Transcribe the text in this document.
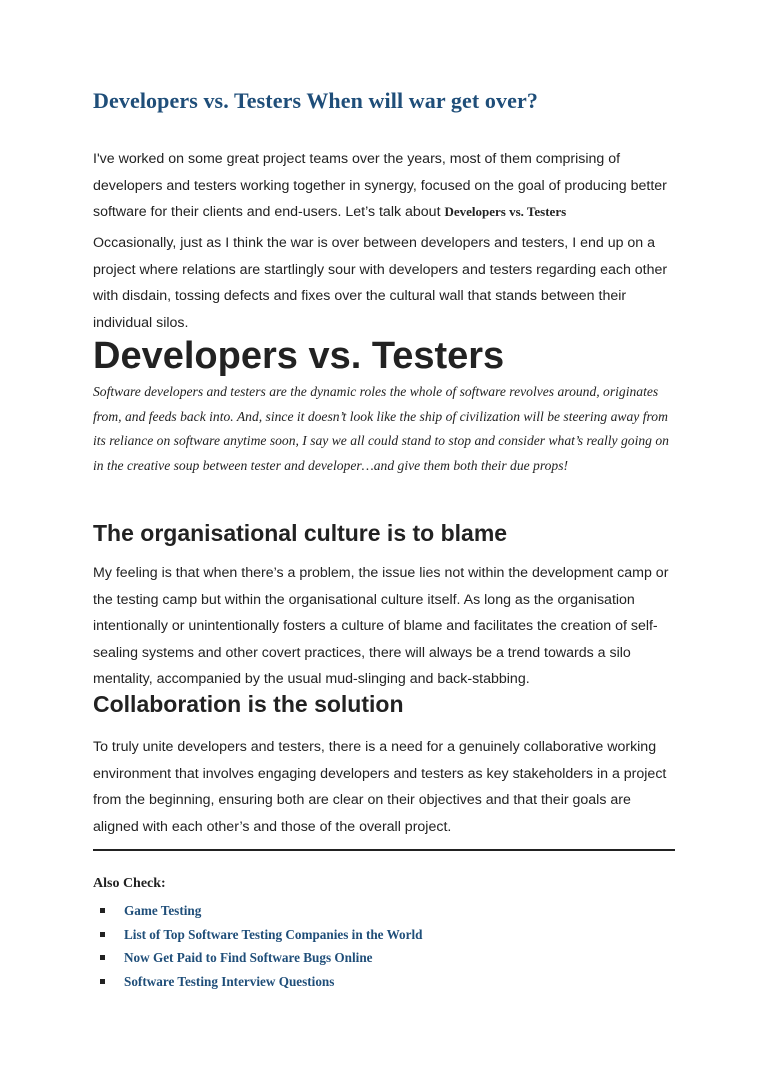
Developers vs. Testers When will war get over?

I've worked on some great project teams over the years, most of them comprising of developers and testers working together in synergy, focused on the goal of producing better software for their clients and end-users. Let’s talk about Developers vs. Testers

Occasionally, just as I think the war is over between developers and testers, I end up on a project where relations are startlingly sour with developers and testers regarding each other with disdain, tossing defects and fixes over the cultural wall that stands between their individual silos.

Developers vs. Testers

Software developers and testers are the dynamic roles the whole of software revolves around, originates from, and feeds back into. And, since it doesn’t look like the ship of civilization will be steering away from its reliance on software anytime soon, I say we all could stand to stop and consider what’s really going on in the creative soup between tester and developer…and give them both their due props!

The organisational culture is to blame

My feeling is that when there’s a problem, the issue lies not within the development camp or the testing camp but within the organisational culture itself. As long as the organisation intentionally or unintentionally fosters a culture of blame and facilitates the creation of self-sealing systems and other covert practices, there will always be a trend towards a silo mentality, accompanied by the usual mud-slinging and back-stabbing.

Collaboration is the solution

To truly unite developers and testers, there is a need for a genuinely collaborative working environment that involves engaging developers and testers as key stakeholders in a project from the beginning, ensuring both are clear on their objectives and that their goals are aligned with each other’s and those of the overall project.

Also Check:

Game Testing
List of Top Software Testing Companies in the World
Now Get Paid to Find Software Bugs Online
Software Testing Interview Questions
